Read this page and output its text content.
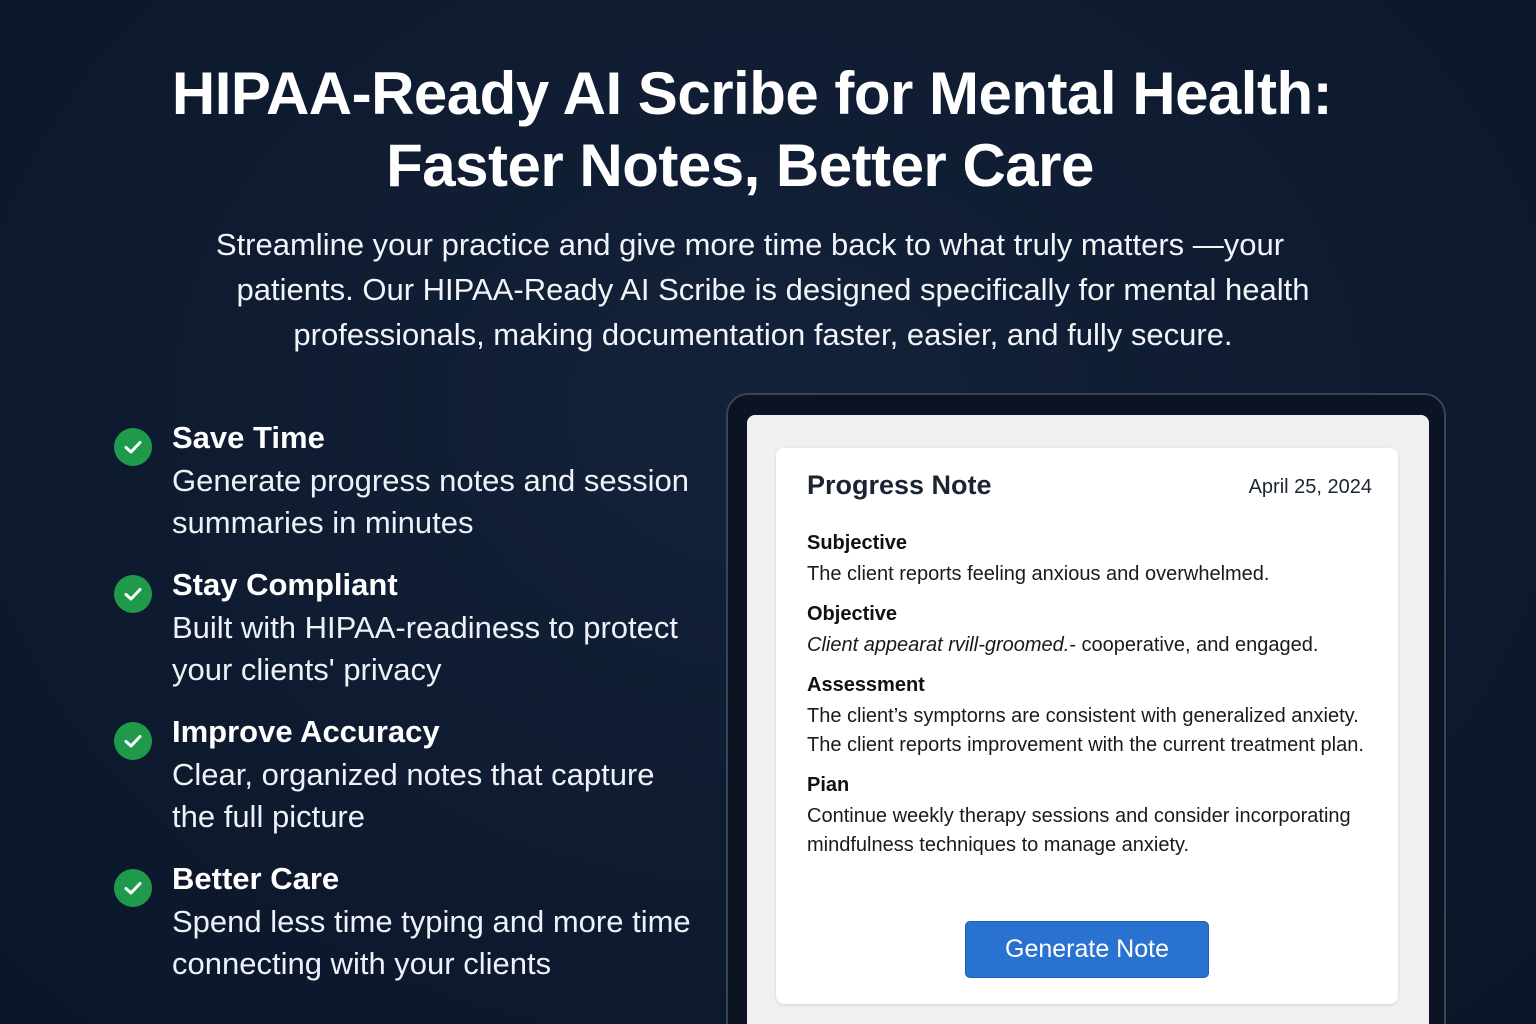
HIPAA-Ready AI Scribe for Mental Health:
Faster Notes, Better Care

Streamline your practice and give more time back to what truly matters —your
patients. Our HIPAA-Ready AI Scribe is designed specifically for mental health
professionals, making documentation faster, easier, and fully secure.

Save Time

Generate progress notes and session summaries in minutes

Stay Compliant

Built with HIPAA-readiness to protect your clients' privacy

Improve Accuracy

Clear, organized notes that capture the full picture

Better Care

Spend less time typing and more time connecting with your clients

Progress Note	April 25, 2024

Subjective

The client reports feeling anxious and overwhelmed.

Objective

Client appearat rvill-groomed.- cooperative, and engaged.

Assessment

The client’s symptorns are consistent with generalized anxiety. The client reports improvement with the current treatment plan.

Pian

Continue weekly therapy sessions and consider incorporating mindfulness techniques to manage anxiety.

Generate Note
